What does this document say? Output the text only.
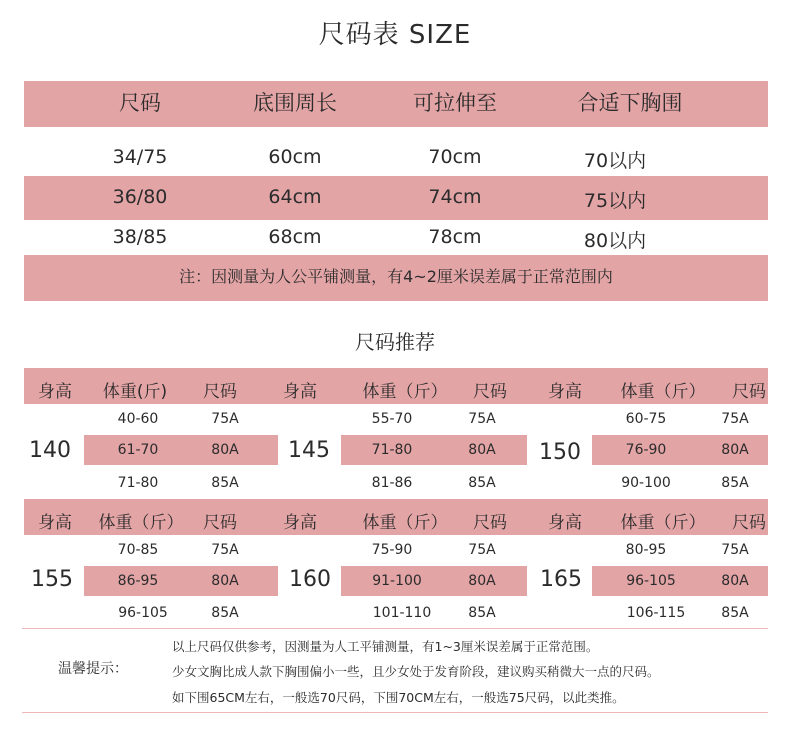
尺码表 SIZE
尺码	底围周长	可拉伸至	合适下胸围
34/75	60cm	70cm	70以内
36/80	64cm	74cm	75以内
38/85	68cm	78cm	80以内
注：因测量为人公平铺测量，有4~2厘米误差属于正常范围内
尺码推荐
身高	体重(斤)	尺码	身高	体重（斤）	尺码	身高	体重（斤）	尺码
140
40-60	75A
61-70	80A
71-80	85A
145
55-70	75A
71-80	80A
81-86	85A
150
60-75	75A
76-90	80A
90-100	85A
身高	体重（斤）	尺码	身高	体重（斤）	尺码	身高	体重（斤）	尺码
155
70-85	75A
86-95	80A
96-105	85A
160
75-90	75A
91-100	80A
101-110	85A
165
80-95	75A
96-105	80A
106-115	85A
温馨提示：
以上尺码仅供参考，因测量为人工平铺测量，有1~3厘米误差属于正常范围。
少女文胸比成人款下胸围偏小一些，且少女处于发育阶段，建议购买稍微大一点的尺码。
如下围65CM左右，一般选70尺码，下围70CM左右，一般选75尺码，以此类推。
